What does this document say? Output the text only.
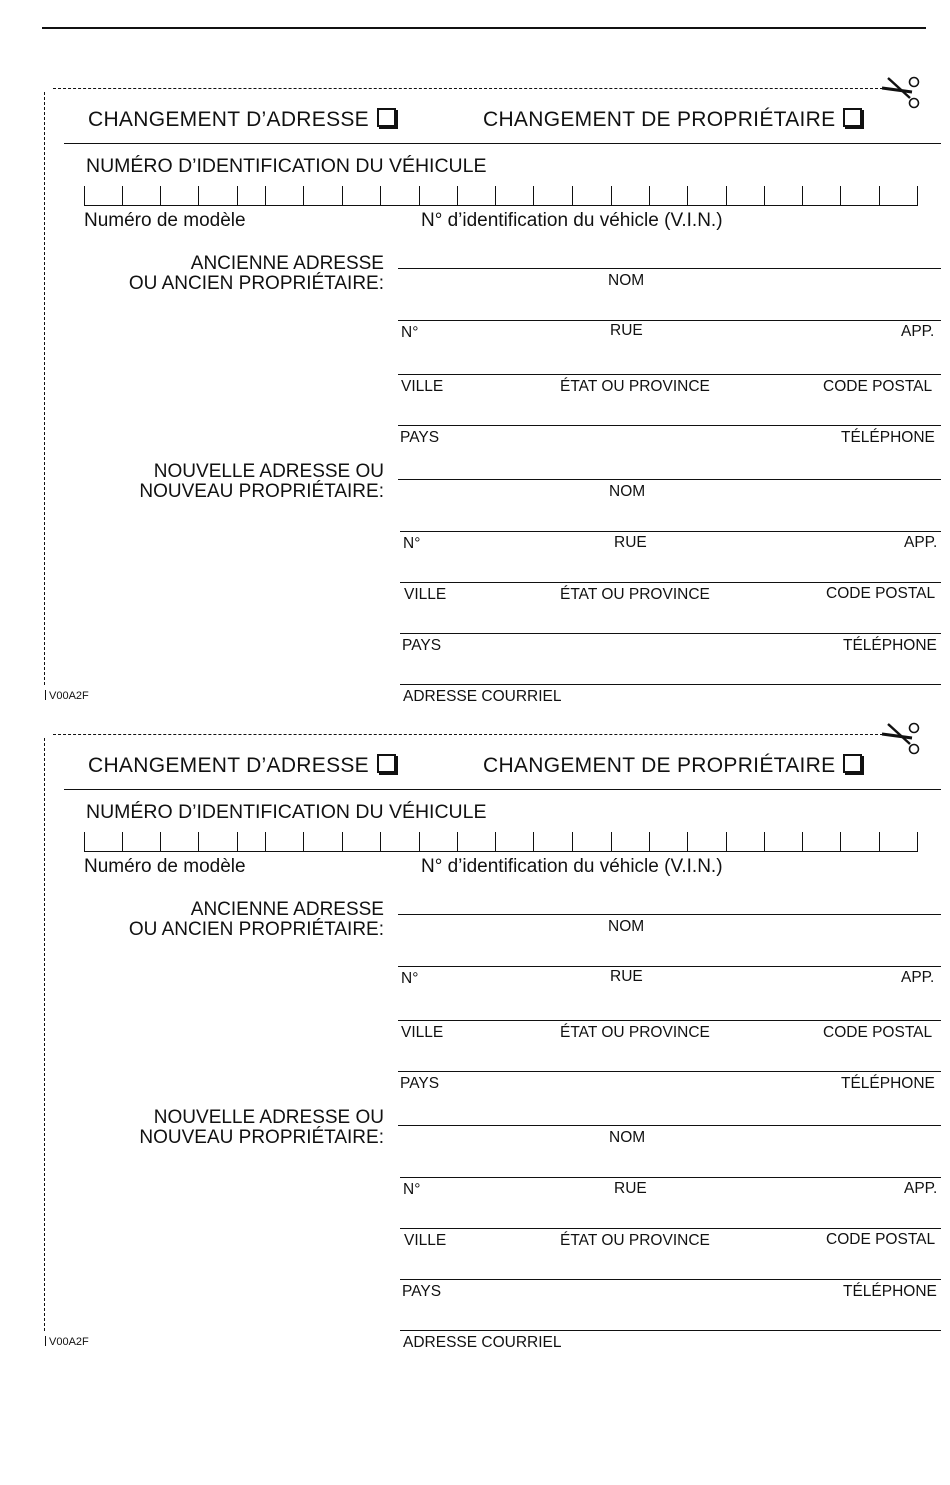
CHANGEMENT D’ADRESSE	CHANGEMENT DE PROPRIÉTAIRE
NUMÉRO D’IDENTIFICATION DU VÉHICULE
Numéro de modèle	N° d’identification du véhicle (V.I.N.)
ANCIENNE ADRESSE
OU ANCIEN PROPRIÉTAIRE:
NOUVELLE ADRESSE OU
NOUVEAU PROPRIÉTAIRE:
NOM
N°	RUE	APP.
VILLE	ÉTAT OU PROVINCE	CODE POSTAL
PAYS	TÉLÉPHONE
NOM
N°	RUE	APP.
VILLE	ÉTAT OU PROVINCE	CODE POSTAL
PAYS	TÉLÉPHONE
ADRESSE COURRIEL
V00A2F
CHANGEMENT D’ADRESSE	CHANGEMENT DE PROPRIÉTAIRE
NUMÉRO D’IDENTIFICATION DU VÉHICULE
Numéro de modèle	N° d’identification du véhicle (V.I.N.)
ANCIENNE ADRESSE
OU ANCIEN PROPRIÉTAIRE:
NOUVELLE ADRESSE OU
NOUVEAU PROPRIÉTAIRE:
NOM
N°	RUE	APP.
VILLE	ÉTAT OU PROVINCE	CODE POSTAL
PAYS	TÉLÉPHONE
NOM
N°	RUE	APP.
VILLE	ÉTAT OU PROVINCE	CODE POSTAL
PAYS	TÉLÉPHONE
ADRESSE COURRIEL
V00A2F
